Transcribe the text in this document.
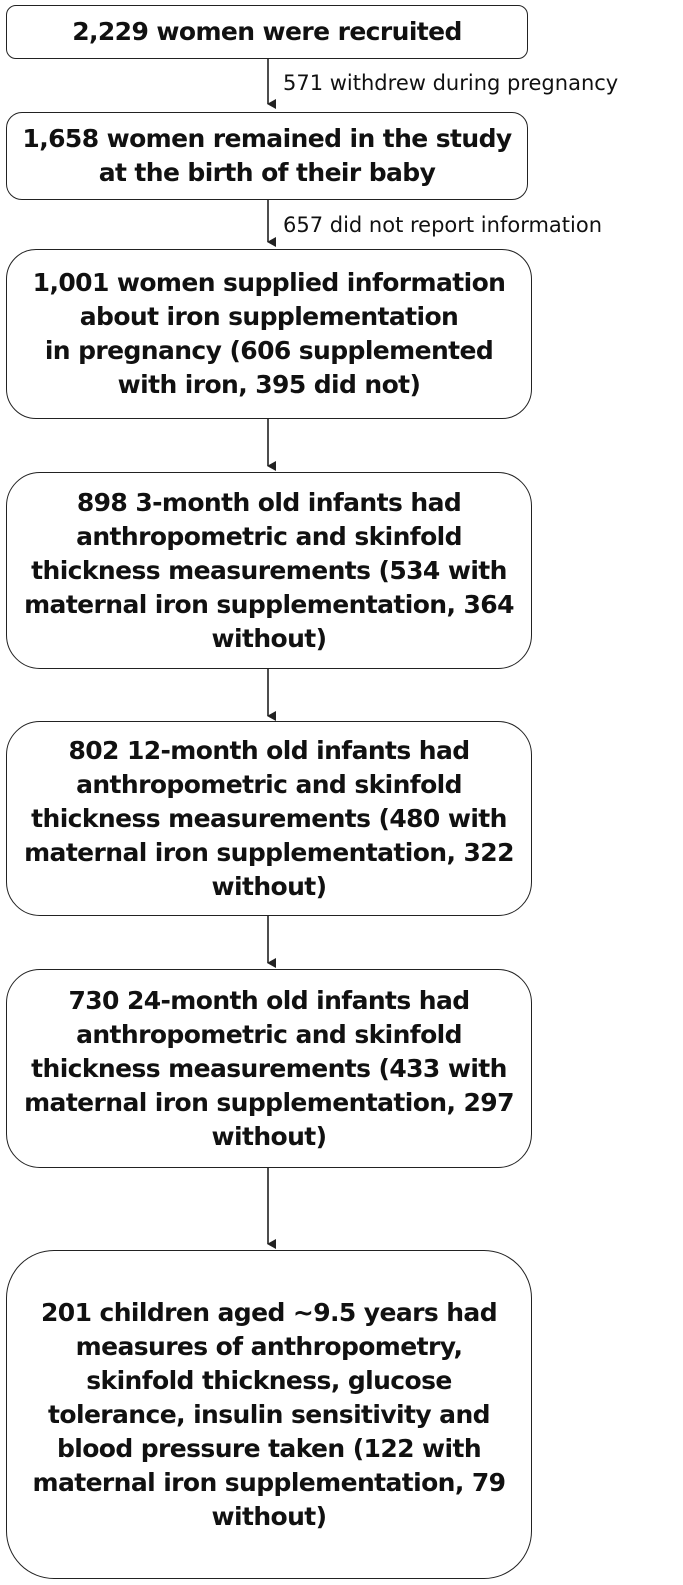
2,229 women were recruited
571 withdrew during pregnancy
1,658 women remained in the study
at the birth of their baby
657 did not report information
1,001 women supplied information
about iron supplementation
in pregnancy (606 supplemented
with iron, 395 did not)
898 3-month old infants had
anthropometric and skinfold
thickness measurements (534 with
maternal iron supplementation, 364
without)
802 12-month old infants had
anthropometric and skinfold
thickness measurements (480 with
maternal iron supplementation, 322
without)
730 24-month old infants had
anthropometric and skinfold
thickness measurements (433 with
maternal iron supplementation, 297
without)
201 children aged ~9.5 years had
measures of anthropometry,
skinfold thickness, glucose
tolerance, insulin sensitivity and
blood pressure taken (122 with
maternal iron supplementation, 79
without)
